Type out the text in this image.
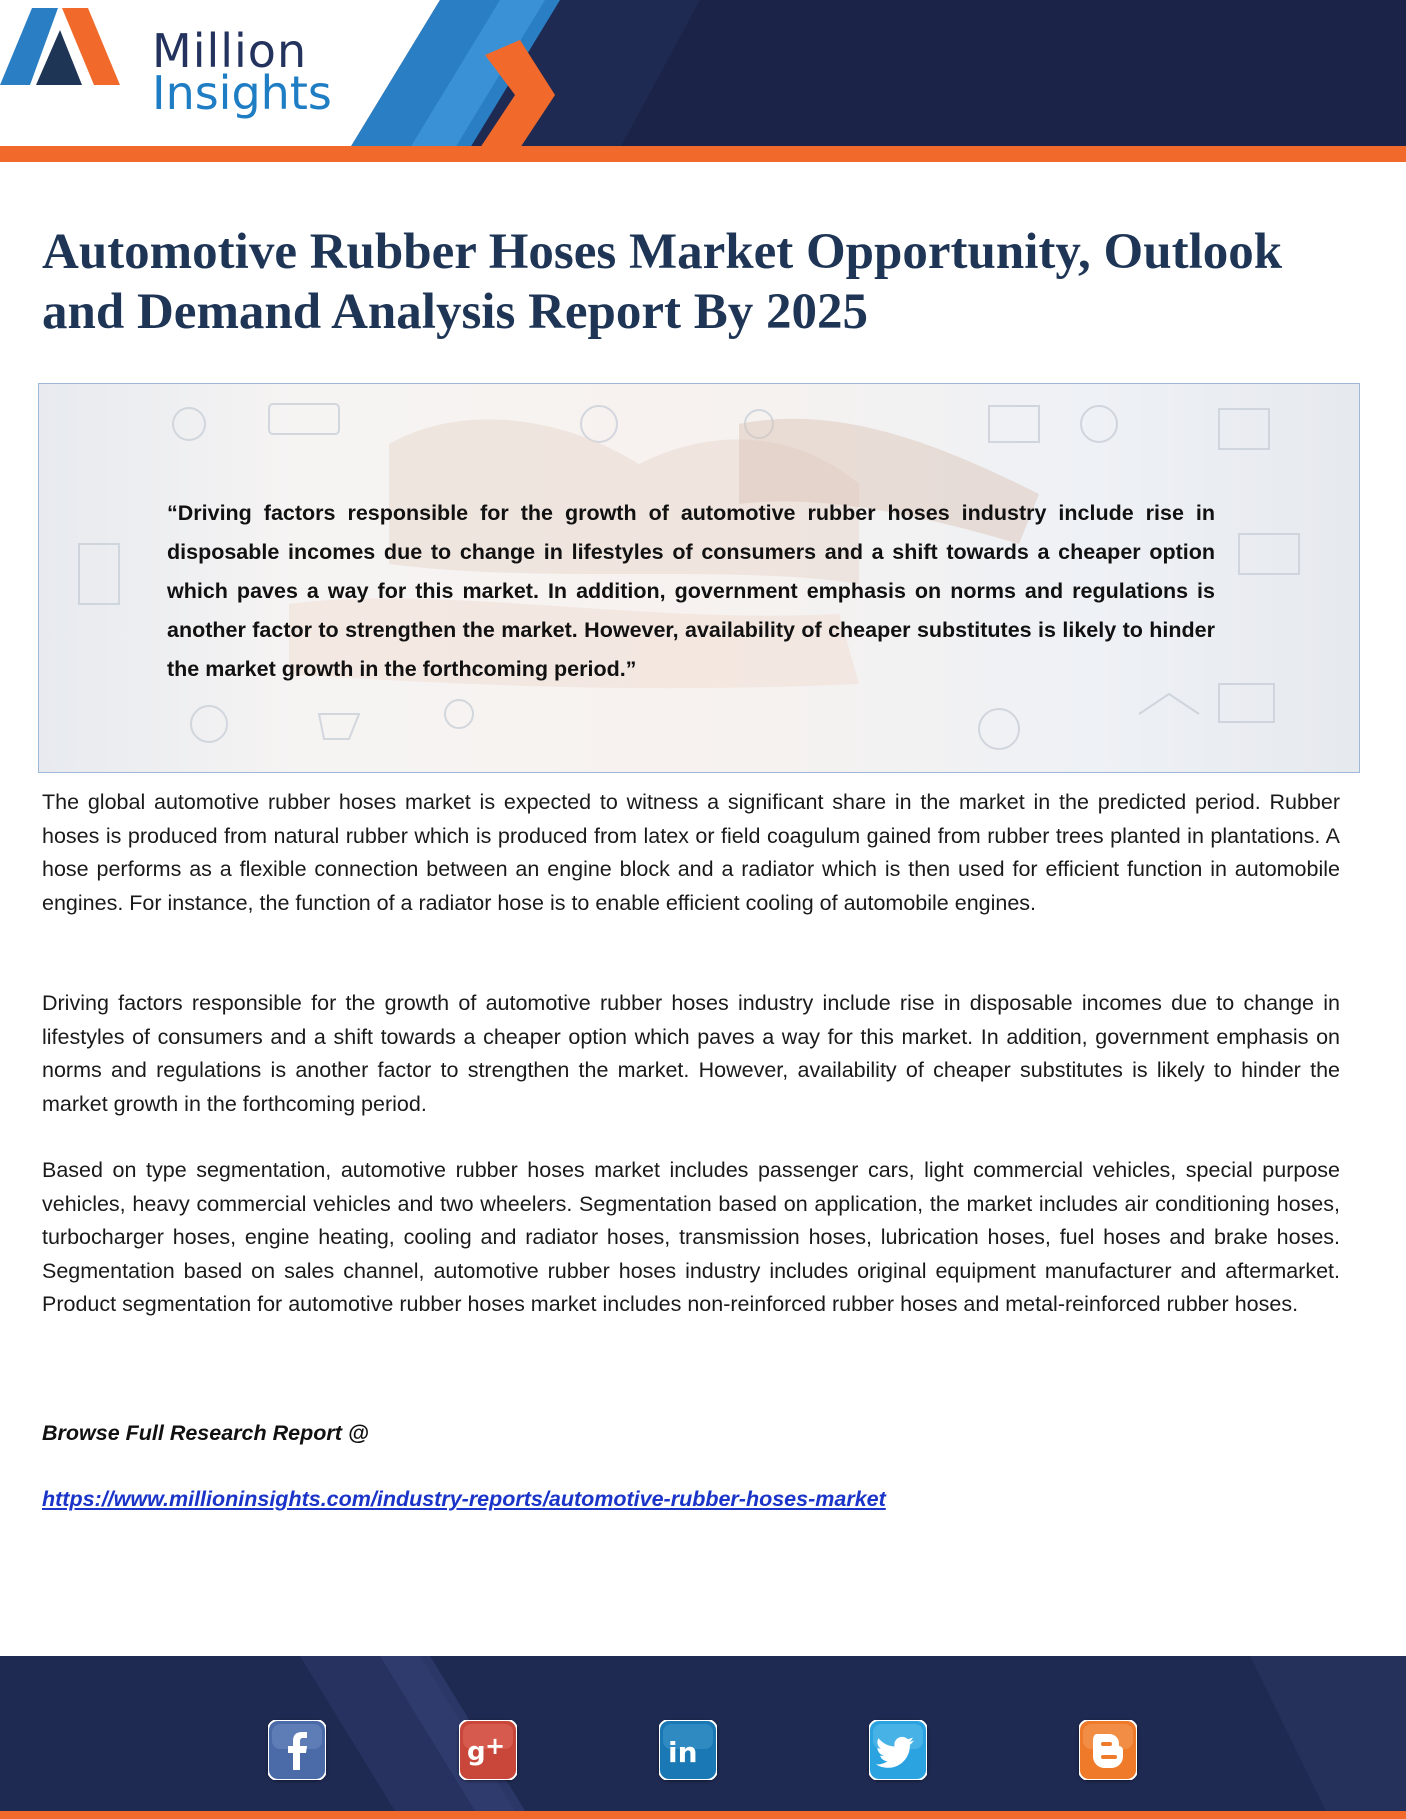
Million
Insights
Automotive Rubber Hoses Market Opportunity, Outlook and Demand Analysis Report By 2025

“Driving factors responsible for the growth of automotive rubber hoses industry include rise in disposable incomes due to change in lifestyles of consumers and a shift towards a cheaper option which paves a way for this market. In addition, government emphasis on norms and regulations is another factor to strengthen the market. However, availability of cheaper substitutes is likely to hinder the market growth in the forthcoming period.”

The global automotive rubber hoses market is expected to witness a significant share in the market in the predicted period. Rubber hoses is produced from natural rubber which is produced from latex or field coagulum gained from rubber trees planted in plantations. A hose performs as a flexible connection between an engine block and a radiator which is then used for efficient function in automobile engines. For instance, the function of a radiator hose is to enable efficient cooling of automobile engines.

Driving factors responsible for the growth of automotive rubber hoses industry include rise in disposable incomes due to change in lifestyles of consumers and a shift towards a cheaper option which paves a way for this market. In addition, government emphasis on norms and regulations is another factor to strengthen the market. However, availability of cheaper substitutes is likely to hinder the market growth in the forthcoming period.

Based on type segmentation, automotive rubber hoses market includes passenger cars, light commercial vehicles, special purpose vehicles, heavy commercial vehicles and two wheelers. Segmentation based on application, the market includes air conditioning hoses, turbocharger hoses, engine heating, cooling and radiator hoses, transmission hoses, lubrication hoses, fuel hoses and brake hoses. Segmentation based on sales channel, automotive rubber hoses industry includes original equipment manufacturer and aftermarket. Product segmentation for automotive rubber hoses market includes non-reinforced rubber hoses and metal-reinforced rubber hoses.

Browse Full Research Report @

https://www.millioninsights.com/industry-reports/automotive-rubber-hoses-market
g +	in
